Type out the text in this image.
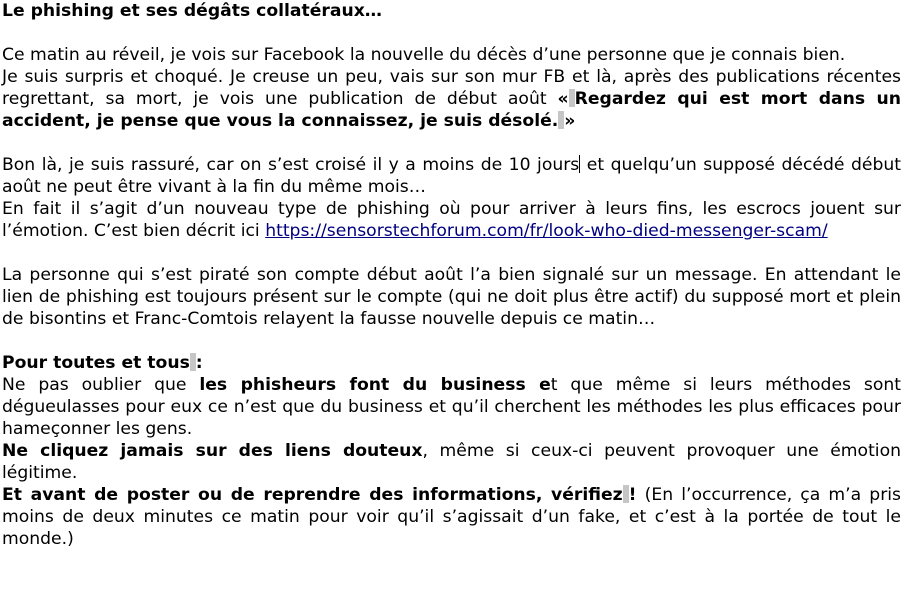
Le phishing et ses dégâts collatéraux…

Ce matin au réveil, je vois sur Facebook la nouvelle du décès d’une personne que je connais bien.

Je suis surpris et choqué. Je creuse un peu, vais sur son mur FB et là, après des publications récentes regrettant, sa mort, je vois une publication de début août « Regardez qui est mort dans un accident, je pense que vous la connaissez, je suis désolé. »

Bon là, je suis rassuré, car on s’est croisé il y a moins de 10 jours et quelqu’un supposé décédé début août ne peut être vivant à la fin du même mois…

En fait il s’agit d’un nouveau type de phishing où pour arriver à leurs fins, les escrocs jouent sur l’émotion. C’est bien décrit ici https://sensorstechforum.com/fr/look-who-died-messenger-scam/

La personne qui s’est piraté son compte début août l’a bien signalé sur un message. En attendant le lien de phishing est toujours présent sur le compte (qui ne doit plus être actif) du supposé mort et plein de bisontins et Franc-Comtois relayent la fausse nouvelle depuis ce matin…

Pour toutes et tous :

Ne pas oublier que les phisheurs font du business et que même si leurs méthodes sont dégueulasses pour eux ce n’est que du business et qu’il cherchent les méthodes les plus efficaces pour hameçonner les gens.

Ne cliquez jamais sur des liens douteux, même si ceux-ci peuvent provoquer une émotion légitime.

Et avant de poster ou de reprendre des informations, vérifiez ! (En l’occurrence, ça m’a pris moins de deux minutes ce matin pour voir qu’il s’agissait d’un fake, et c’est à la portée de tout le monde.)
